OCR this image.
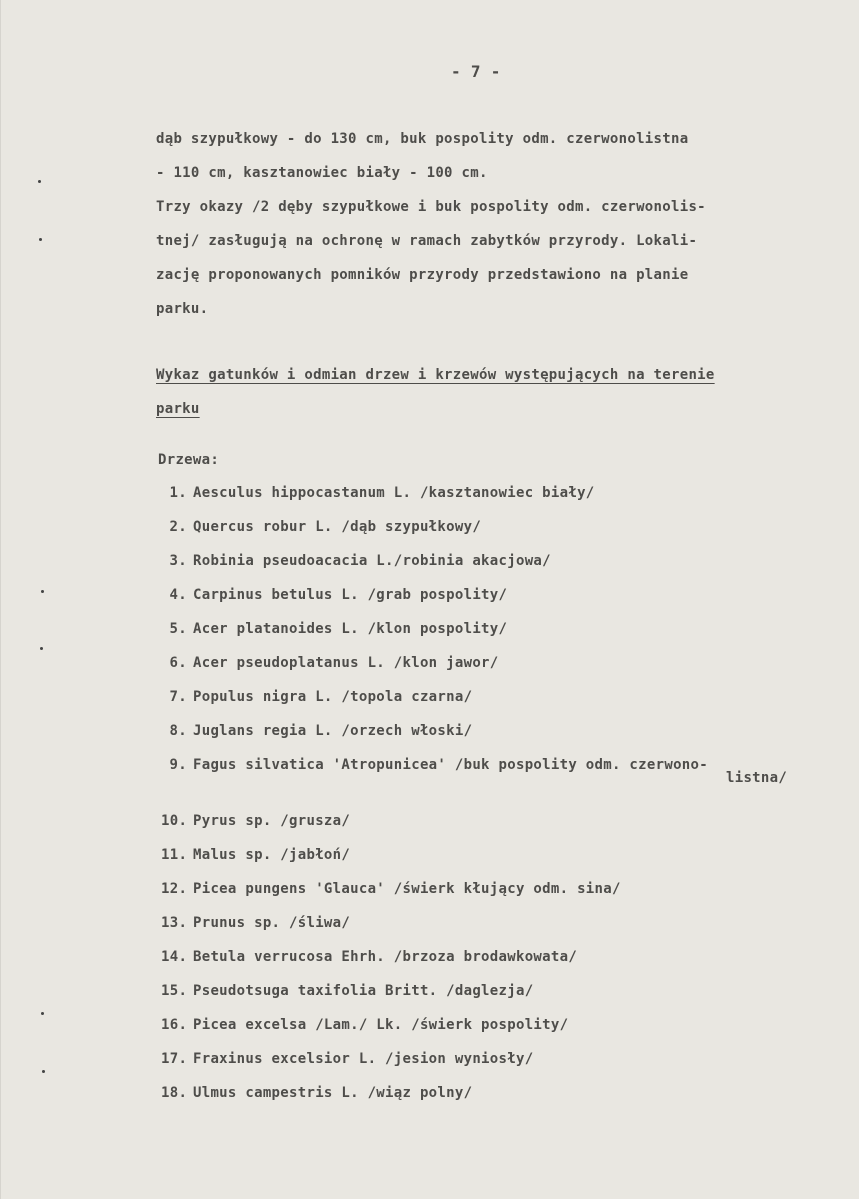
- 7 -

dąb szypułkowy - do 130 cm, buk pospolity odm. czerwonolistna

- 110 cm, kasztanowiec biały - 100 cm.

Trzy okazy /2 dęby szypułkowe i buk pospolity odm. czerwonolis-

tnej/ zasługują na ochronę w ramach zabytków przyrody. Lokali-

zację proponowanych pomników przyrody przedstawiono na planie

parku.

Wykaz gatunków i odmian drzew i krzewów występujących na terenie
parku
Drzewa:
1. Aesculus hippocastanum L. /kasztanowiec biały/
2. Quercus robur L. /dąb szypułkowy/
3. Robinia pseudoacacia L./robinia akacjowa/
4. Carpinus betulus L. /grab pospolity/
5. Acer platanoides L. /klon pospolity/
6. Acer pseudoplatanus L. /klon jawor/
7. Populus nigra L. /topola czarna/
8. Juglans regia L. /orzech włoski/
9. Fagus silvatica 'Atropunicea' /buk pospolity odm. czerwono-
listna/
10. Pyrus sp. /grusza/
11. Malus sp. /jabłoń/
12. Picea pungens 'Glauca' /świerk kłujący odm. sina/
13. Prunus sp. /śliwa/
14. Betula verrucosa Ehrh. /brzoza brodawkowata/
15. Pseudotsuga taxifolia Britt. /daglezja/
16. Picea excelsa /Lam./ Lk. /świerk pospolity/
17. Fraxinus excelsior L. /jesion wyniosły/
18. Ulmus campestris L. /wiąz polny/
